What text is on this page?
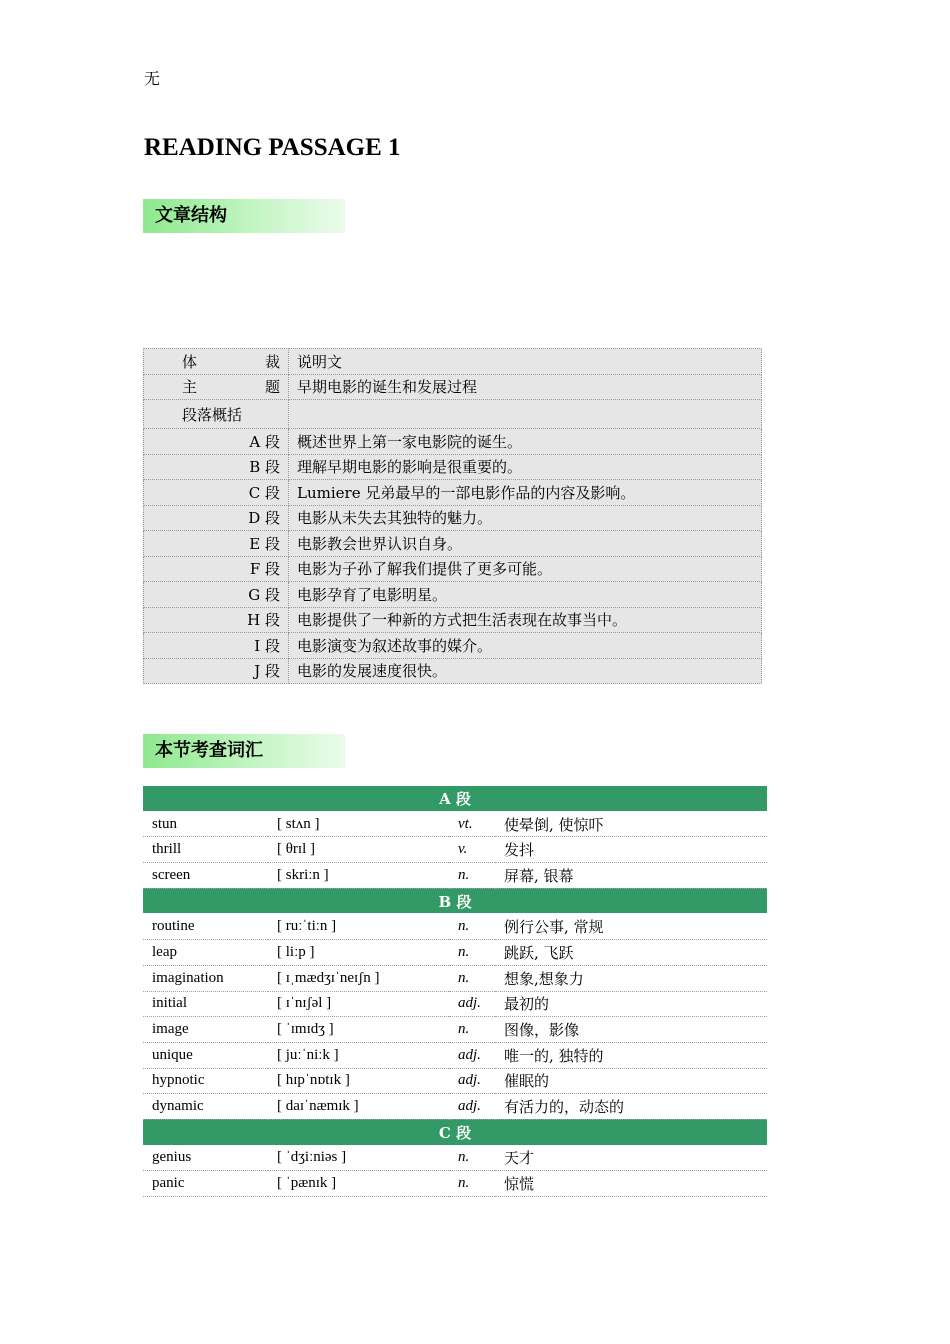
无
READING PASSAGE 1
文章结构
体　　裁	说明文
主　　题	早期电影的诞生和发展过程
段落概括	
A 段	概述世界上第一家电影院的诞生。
B 段	理解早期电影的影响是很重要的。
C 段	Lumiere 兄弟最早的一部电影作品的内容及影响。
D 段	电影从未失去其独特的魅力。
E 段	电影教会世界认识自身。
F 段	电影为子孙了解我们提供了更多可能。
G 段	电影孕育了电影明星。
H 段	电影提供了一种新的方式把生活表现在故事当中。
I 段	电影演变为叙述故事的媒介。
J 段	电影的发展速度很快。
本节考查词汇
A 段			
stun	[ stʌn ]	vt.	使晕倒, 使惊吓
thrill	[ θrɪl ]	v.	发抖
screen	[ skriːn ]	n.	屏幕, 银幕
B 段			
routine	[ ruːˈtiːn ]	n.	例行公事, 常规
leap	[ liːp ]	n.	跳跃, 飞跃
imagination	[ ɪˌmædʒɪˈneɪʃn ]	n.	想象,想象力
initial	[ ɪˈnɪʃəl ]	adj.	最初的
image	[ ˈɪmɪdʒ ]	n.	图像，影像
unique	[ juːˈniːk ]	adj.	唯一的, 独特的
hypnotic	[ hɪpˈnɒtɪk ]	adj.	催眠的
dynamic	[ daɪˈnæmɪk ]	adj.	有活力的，动态的
C 段			
genius	[ ˈdʒiːniəs ]	n.	天才
panic	[ ˈpænɪk ]	n.	惊慌
